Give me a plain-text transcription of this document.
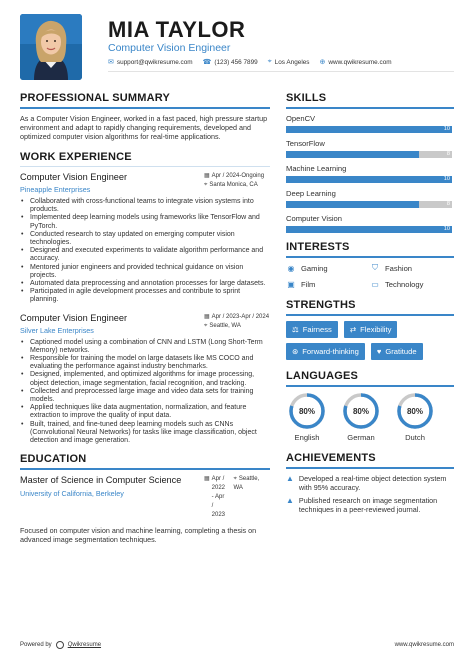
MIA TAYLOR
Computer Vision Engineer
✉ support@qwikresume.com ☎ (123) 456 7899 ⌖ Los Angeles ⊕ www.qwikresume.com
PROFESSIONAL SUMMARY
As a Computer Vision Engineer, worked in a fast paced, high pressure startup environment and adapt to rapidly changing requirements, developed and optimized computer vision algorithms for real-time applications.
WORK EXPERIENCE
Computer Vision Engineer
Pineapple Enterprises
▦ Apr / 2024-Ongoing
⌖ Santa Monica, CA
• Collaborated with cross-functional teams to integrate vision systems into products.
• Implemented deep learning models using frameworks like TensorFlow and PyTorch.
• Conducted research to stay updated on emerging computer vision technologies.
• Designed and executed experiments to validate algorithm performance and accuracy.
• Mentored junior engineers and provided technical guidance on vision projects.
• Automated data preprocessing and annotation processes for large datasets.
• Participated in agile development processes and contribute to sprint planning.
Computer Vision Engineer
Silver Lake Enterprises
▦ Apr / 2023-Apr / 2024
⌖ Seattle, WA
• Captioned model using a combination of CNN and LSTM (Long Short-Term Memory) networks.
• Responsible for training the model on large datasets like MS COCO and evaluating the performance against industry benchmarks.
• Designed, implemented, and optimized algorithms for image processing, object detection, image segmentation, facial recognition, and tracking.
• Collected and preprocessed large image and video data sets for training models.
• Applied techniques like data augmentation, normalization, and feature extraction to improve the quality of input data.
• Built, trained, and fine-tuned deep learning models such as CNNs (Convolutional Neural Networks) for tasks like image classification, object detection and image generation.
EDUCATION
Master of Science in Computer Science
University of California, Berkeley
▦ Apr /
2022
- Apr /
2023
⌖ Seattle, WA
Focused on computer vision and machine learning, completing a thesis on advanced image segmentation techniques.
SKILLS
OpenCV
10
TensorFlow
8
Machine Learning
10
Deep Learning
8
Computer Vision
10
INTERESTS
◉ Gaming	⛉ Fashion
▣ Film	▭ Technology
STRENGTHS
⚖ Fairness ⇄ Flexibility
⊛ Forward-thinking ♥ Gratitude
LANGUAGES
80%
English
80%
German
80%
Dutch
ACHIEVEMENTS
▲ Developed a real-time object detection system with 95% accuracy.
▲ Published research on image segmentation techniques in a peer-reviewed journal.
Powered by	Qwikresume	www.qwikresume.com
